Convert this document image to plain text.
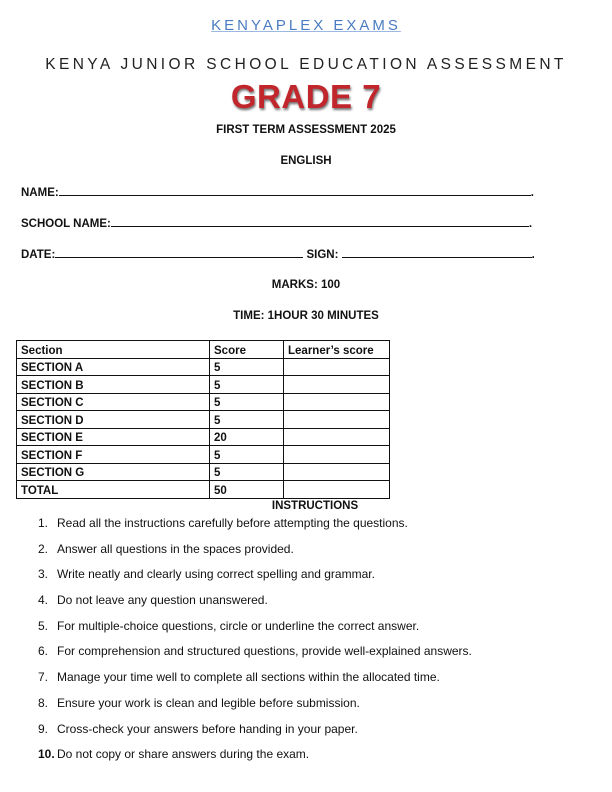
KENYAPLEX EXAMS
KENYA JUNIOR SCHOOL EDUCATION ASSESSMENT
GRADE 7
FIRST TERM ASSESSMENT 2025
ENGLISH
NAME:	.
SCHOOL NAME:	.
DATE:	SIGN:	.
MARKS: 100
TIME: 1HOUR 30 MINUTES
Section	Score	Learner’s score
SECTION A	5	
SECTION B	5	
SECTION C	5	
SECTION D	5	
SECTION E	20	
SECTION F	5	
SECTION G	5	
TOTAL	50	
INSTRUCTIONS
1. Read all the instructions carefully before attempting the questions.
2. Answer all questions in the spaces provided.
3. Write neatly and clearly using correct spelling and grammar.
4. Do not leave any question unanswered.
5. For multiple-choice questions, circle or underline the correct answer.
6. For comprehension and structured questions, provide well-explained answers.
7. Manage your time well to complete all sections within the allocated time.
8. Ensure your work is clean and legible before submission.
9. Cross-check your answers before handing in your paper.
10. Do not copy or share answers during the exam.
